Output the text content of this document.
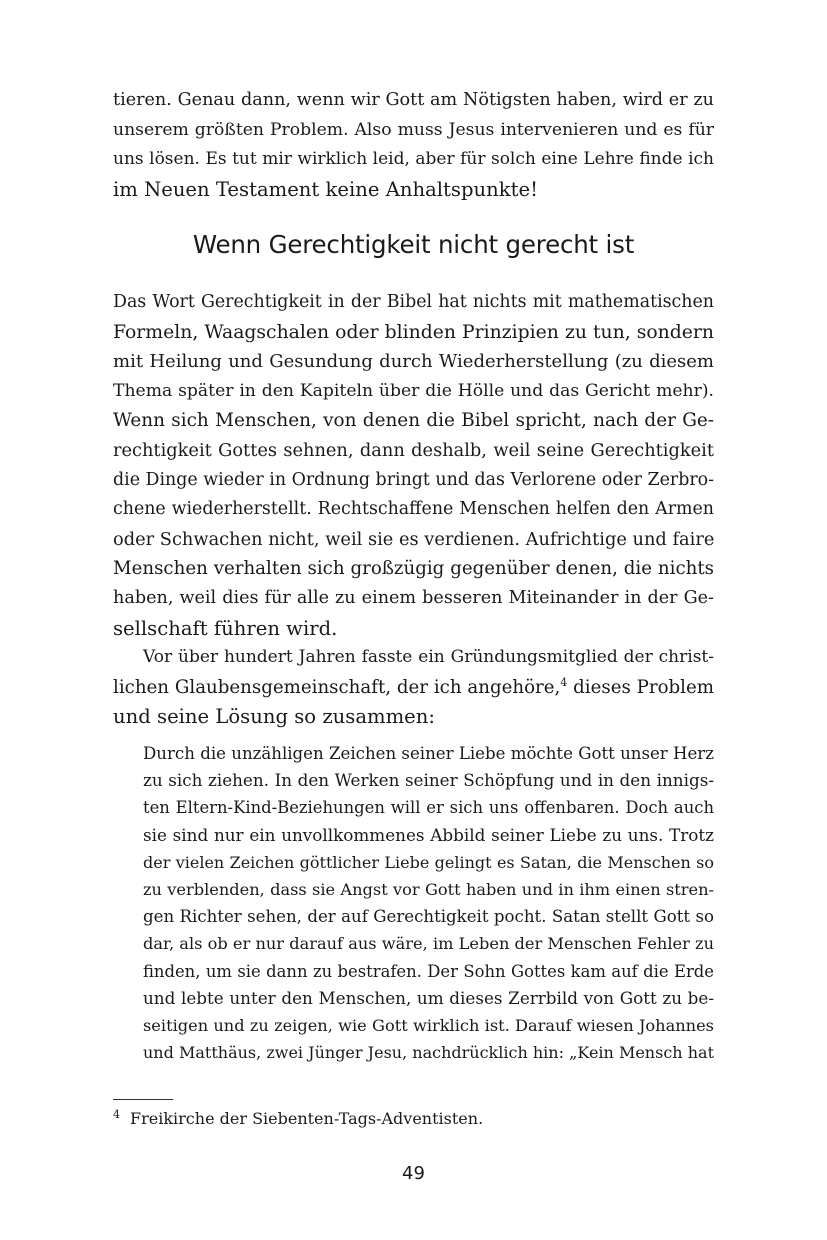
tieren. Genau dann, wenn wir Gott am Nötigsten haben, wird er zu
unserem größten Problem. Also muss Jesus intervenieren und es für
uns lösen. Es tut mir wirklich leid, aber für solch eine Lehre finde ich
im Neuen Testament keine Anhaltspunkte!
Wenn Gerechtigkeit nicht gerecht ist
Das Wort Gerechtigkeit in der Bibel hat nichts mit mathematischen
Formeln, Waagschalen oder blinden Prinzipien zu tun, sondern
mit Heilung und Gesundung durch Wiederherstellung (zu diesem
Thema später in den Kapiteln über die Hölle und das Gericht mehr).
Wenn sich Menschen, von denen die Bibel spricht, nach der Ge-
rechtigkeit Gottes sehnen, dann deshalb, weil seine Gerechtigkeit
die Dinge wieder in Ordnung bringt und das Verlorene oder Zerbro-
chene wiederherstellt. Rechtschaffene Menschen helfen den Armen
oder Schwachen nicht, weil sie es verdienen. Aufrichtige und faire
Menschen verhalten sich großzügig gegenüber denen, die nichts
haben, weil dies für alle zu einem besseren Miteinander in der Ge-
sellschaft führen wird.
Vor über hundert Jahren fasste ein Gründungsmitglied der christ-
lichen Glaubensgemeinschaft, der ich angehöre,$^4$ dieses Problem
und seine Lösung so zusammen:
Durch die unzähligen Zeichen seiner Liebe möchte Gott unser Herz
zu sich ziehen. In den Werken seiner Schöpfung und in den innigs-
ten Eltern-Kind-Beziehungen will er sich uns offenbaren. Doch auch
sie sind nur ein unvollkommenes Abbild seiner Liebe zu uns. Trotz
der vielen Zeichen göttlicher Liebe gelingt es Satan, die Menschen so
zu verblenden, dass sie Angst vor Gott haben und in ihm einen stren-
gen Richter sehen, der auf Gerechtigkeit pocht. Satan stellt Gott so
dar, als ob er nur darauf aus wäre, im Leben der Menschen Fehler zu
finden, um sie dann zu bestrafen. Der Sohn Gottes kam auf die Erde
und lebte unter den Menschen, um dieses Zerrbild von Gott zu be-
seitigen und zu zeigen, wie Gott wirklich ist. Darauf wiesen Johannes
und Matthäus, zwei Jünger Jesu, nachdrücklich hin: „Kein Mensch hat
$^4$ Freikirche der Siebenten-Tags-Adventisten.
49
